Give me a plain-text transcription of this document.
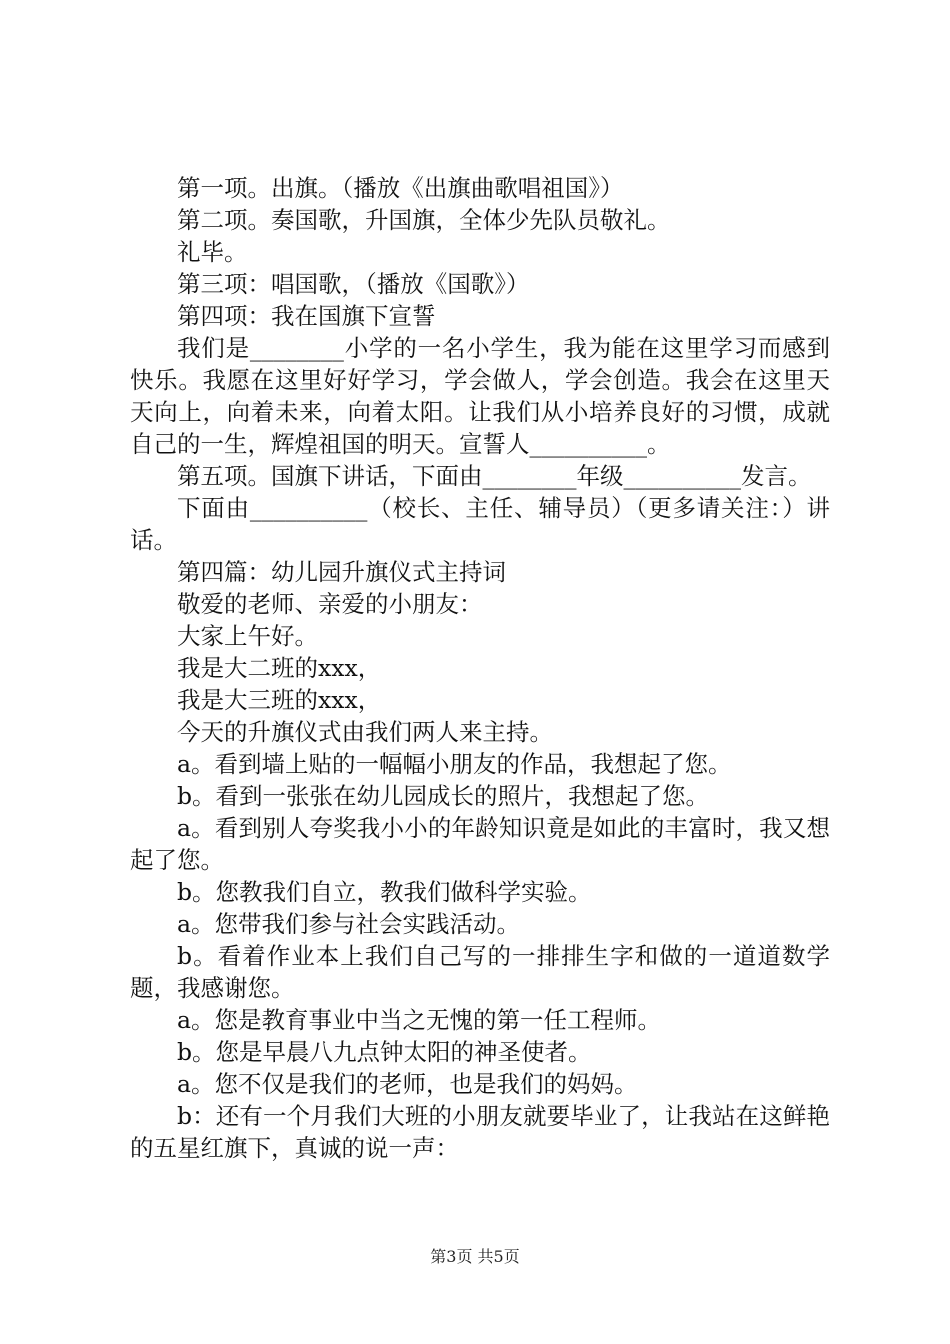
第一项。出旗。（播放《出旗曲歌唱祖国》）
第二项。奏国歌，升国旗，全体少先队员敬礼。
礼毕。
第三项：唱国歌，（播放《国歌》）
第四项：我在国旗下宣誓
我们是________小学的一名小学生，我为能在这里学习而感到快乐。我愿在这里好好学习，学会做人，学会创造。我会在这里天天向上，向着未来，向着太阳。让我们从小培养良好的习惯，成就自己的一生，辉煌祖国的明天。宣誓人__________。
第五项。国旗下讲话，下面由________年级__________发言。
下面由__________（校长、主任、辅导员）（更多请关注：）讲话。
第四篇：幼儿园升旗仪式主持词
敬爱的老师、亲爱的小朋友：
大家上午好。
我是大二班的xxx，
我是大三班的xxx，
今天的升旗仪式由我们两人来主持。
a。看到墙上贴的一幅幅小朋友的作品，我想起了您。
b。看到一张张在幼儿园成长的照片，我想起了您。
a。看到别人夸奖我小小的年龄知识竟是如此的丰富时，我又想起了您。
b。您教我们自立，教我们做科学实验。
a。您带我们参与社会实践活动。
b。看着作业本上我们自己写的一排排生字和做的一道道数学题，我感谢您。
a。您是教育事业中当之无愧的第一任工程师。
b。您是早晨八九点钟太阳的神圣使者。
a。您不仅是我们的老师，也是我们的妈妈。
b：还有一个月我们大班的小朋友就要毕业了，让我站在这鲜艳的五星红旗下，真诚的说一声：
第3页 共5页
